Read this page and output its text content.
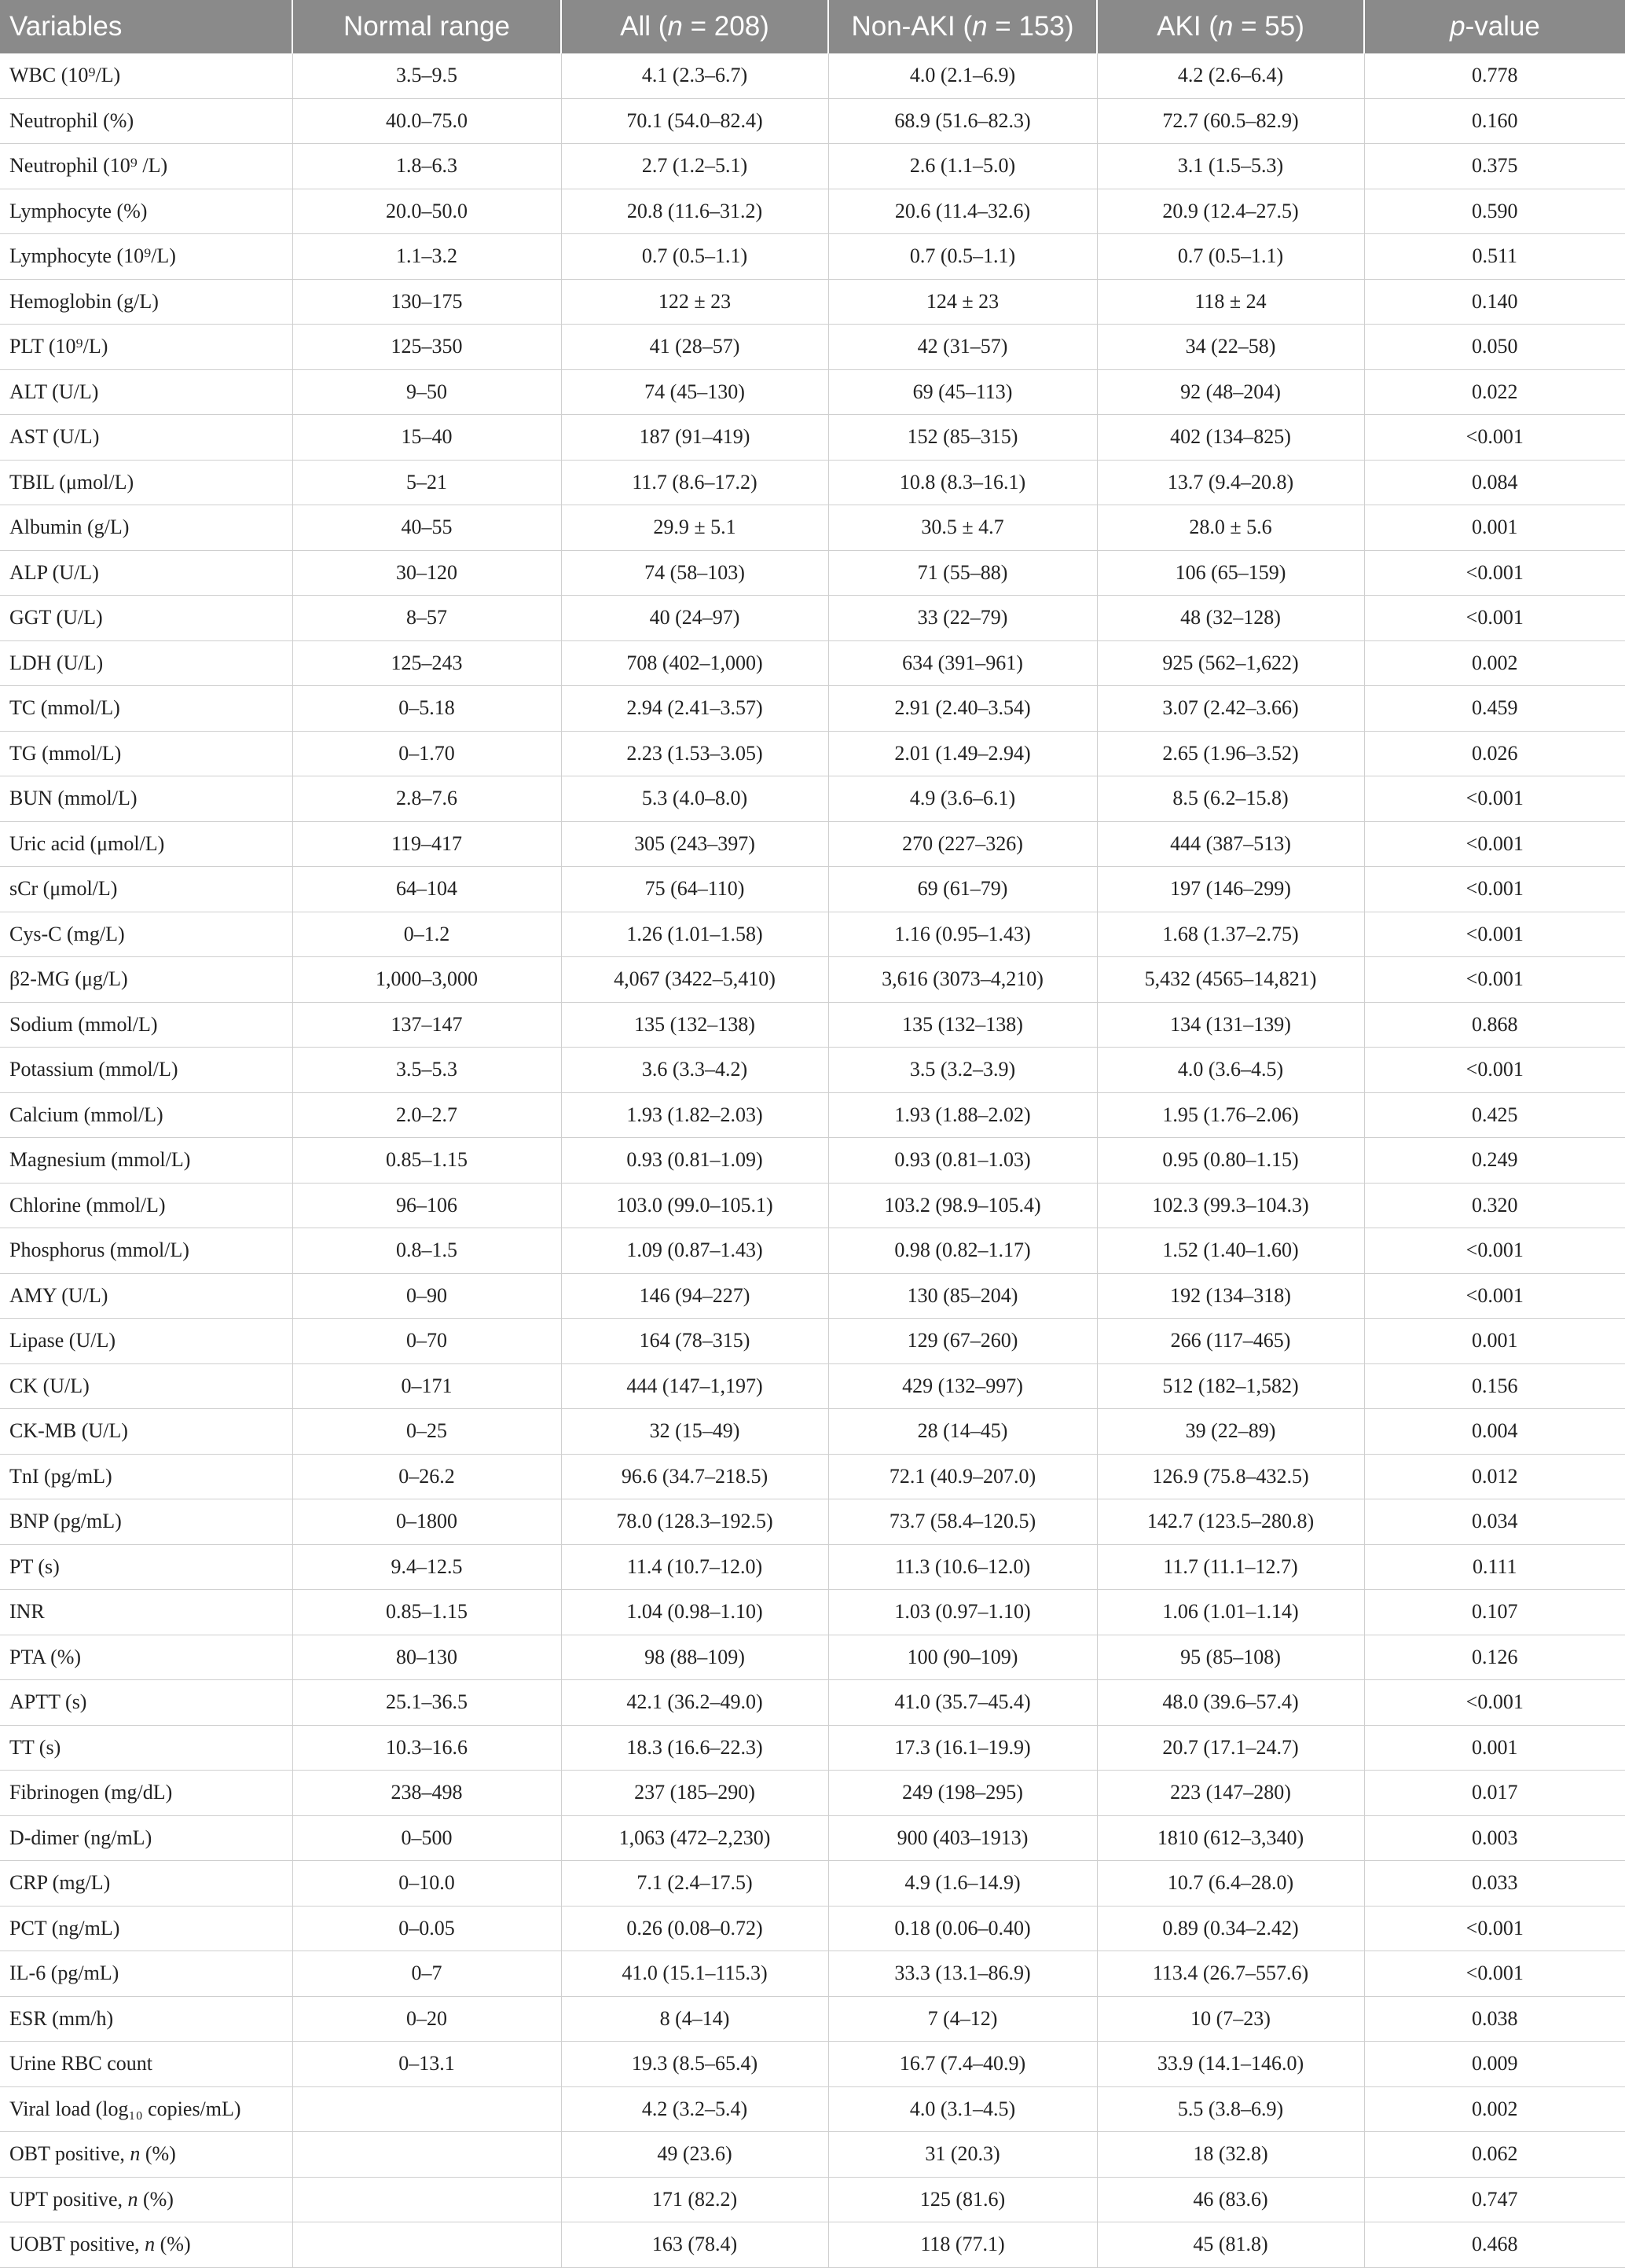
Variables	Normal range	All (n = 208)	Non-AKI (n = 153)	AKI (n = 55)	p-value
WBC (10⁹/L)	3.5–9.5	4.1 (2.3–6.7)	4.0 (2.1–6.9)	4.2 (2.6–6.4)	0.778
Neutrophil (%)	40.0–75.0	70.1 (54.0–82.4)	68.9 (51.6–82.3)	72.7 (60.5–82.9)	0.160
Neutrophil (10⁹ /L)	1.8–6.3	2.7 (1.2–5.1)	2.6 (1.1–5.0)	3.1 (1.5–5.3)	0.375
Lymphocyte (%)	20.0–50.0	20.8 (11.6–31.2)	20.6 (11.4–32.6)	20.9 (12.4–27.5)	0.590
Lymphocyte (10⁹/L)	1.1–3.2	0.7 (0.5–1.1)	0.7 (0.5–1.1)	0.7 (0.5–1.1)	0.511
Hemoglobin (g/L)	130–175	122 ± 23	124 ± 23	118 ± 24	0.140
PLT (10⁹/L)	125–350	41 (28–57)	42 (31–57)	34 (22–58)	0.050
ALT (U/L)	9–50	74 (45–130)	69 (45–113)	92 (48–204)	0.022
AST (U/L)	15–40	187 (91–419)	152 (85–315)	402 (134–825)	<0.001
TBIL (μmol/L)	5–21	11.7 (8.6–17.2)	10.8 (8.3–16.1)	13.7 (9.4–20.8)	0.084
Albumin (g/L)	40–55	29.9 ± 5.1	30.5 ± 4.7	28.0 ± 5.6	0.001
ALP (U/L)	30–120	74 (58–103)	71 (55–88)	106 (65–159)	<0.001
GGT (U/L)	8–57	40 (24–97)	33 (22–79)	48 (32–128)	<0.001
LDH (U/L)	125–243	708 (402–1,000)	634 (391–961)	925 (562–1,622)	0.002
TC (mmol/L)	0–5.18	2.94 (2.41–3.57)	2.91 (2.40–3.54)	3.07 (2.42–3.66)	0.459
TG (mmol/L)	0–1.70	2.23 (1.53–3.05)	2.01 (1.49–2.94)	2.65 (1.96–3.52)	0.026
BUN (mmol/L)	2.8–7.6	5.3 (4.0–8.0)	4.9 (3.6–6.1)	8.5 (6.2–15.8)	<0.001
Uric acid (μmol/L)	119–417	305 (243–397)	270 (227–326)	444 (387–513)	<0.001
sCr (μmol/L)	64–104	75 (64–110)	69 (61–79)	197 (146–299)	<0.001
Cys-C (mg/L)	0–1.2	1.26 (1.01–1.58)	1.16 (0.95–1.43)	1.68 (1.37–2.75)	<0.001
β2-MG (μg/L)	1,000–3,000	4,067 (3422–5,410)	3,616 (3073–4,210)	5,432 (4565–14,821)	<0.001
Sodium (mmol/L)	137–147	135 (132–138)	135 (132–138)	134 (131–139)	0.868
Potassium (mmol/L)	3.5–5.3	3.6 (3.3–4.2)	3.5 (3.2–3.9)	4.0 (3.6–4.5)	<0.001
Calcium (mmol/L)	2.0–2.7	1.93 (1.82–2.03)	1.93 (1.88–2.02)	1.95 (1.76–2.06)	0.425
Magnesium (mmol/L)	0.85–1.15	0.93 (0.81–1.09)	0.93 (0.81–1.03)	0.95 (0.80–1.15)	0.249
Chlorine (mmol/L)	96–106	103.0 (99.0–105.1)	103.2 (98.9–105.4)	102.3 (99.3–104.3)	0.320
Phosphorus (mmol/L)	0.8–1.5	1.09 (0.87–1.43)	0.98 (0.82–1.17)	1.52 (1.40–1.60)	<0.001
AMY (U/L)	0–90	146 (94–227)	130 (85–204)	192 (134–318)	<0.001
Lipase (U/L)	0–70	164 (78–315)	129 (67–260)	266 (117–465)	0.001
CK (U/L)	0–171	444 (147–1,197)	429 (132–997)	512 (182–1,582)	0.156
CK-MB (U/L)	0–25	32 (15–49)	28 (14–45)	39 (22–89)	0.004
TnI (pg/mL)	0–26.2	96.6 (34.7–218.5)	72.1 (40.9–207.0)	126.9 (75.8–432.5)	0.012
BNP (pg/mL)	0–1800	78.0 (128.3–192.5)	73.7 (58.4–120.5)	142.7 (123.5–280.8)	0.034
PT (s)	9.4–12.5	11.4 (10.7–12.0)	11.3 (10.6–12.0)	11.7 (11.1–12.7)	0.111
INR	0.85–1.15	1.04 (0.98–1.10)	1.03 (0.97–1.10)	1.06 (1.01–1.14)	0.107
PTA (%)	80–130	98 (88–109)	100 (90–109)	95 (85–108)	0.126
APTT (s)	25.1–36.5	42.1 (36.2–49.0)	41.0 (35.7–45.4)	48.0 (39.6–57.4)	<0.001
TT (s)	10.3–16.6	18.3 (16.6–22.3)	17.3 (16.1–19.9)	20.7 (17.1–24.7)	0.001
Fibrinogen (mg/dL)	238–498	237 (185–290)	249 (198–295)	223 (147–280)	0.017
D-dimer (ng/mL)	0–500	1,063 (472–2,230)	900 (403–1913)	1810 (612–3,340)	0.003
CRP (mg/L)	0–10.0	7.1 (2.4–17.5)	4.9 (1.6–14.9)	10.7 (6.4–28.0)	0.033
PCT (ng/mL)	0–0.05	0.26 (0.08–0.72)	0.18 (0.06–0.40)	0.89 (0.34–2.42)	<0.001
IL-6 (pg/mL)	0–7	41.0 (15.1–115.3)	33.3 (13.1–86.9)	113.4 (26.7–557.6)	<0.001
ESR (mm/h)	0–20	8 (4–14)	7 (4–12)	10 (7–23)	0.038
Urine RBC count	0–13.1	19.3 (8.5–65.4)	16.7 (7.4–40.9)	33.9 (14.1–146.0)	0.009
Viral load (log₁₀ copies/mL)		4.2 (3.2–5.4)	4.0 (3.1–4.5)	5.5 (3.8–6.9)	0.002
OBT positive, n (%)		49 (23.6)	31 (20.3)	18 (32.8)	0.062
UPT positive, n (%)		171 (82.2)	125 (81.6)	46 (83.6)	0.747
UOBT positive, n (%)		163 (78.4)	118 (77.1)	45 (81.8)	0.468
